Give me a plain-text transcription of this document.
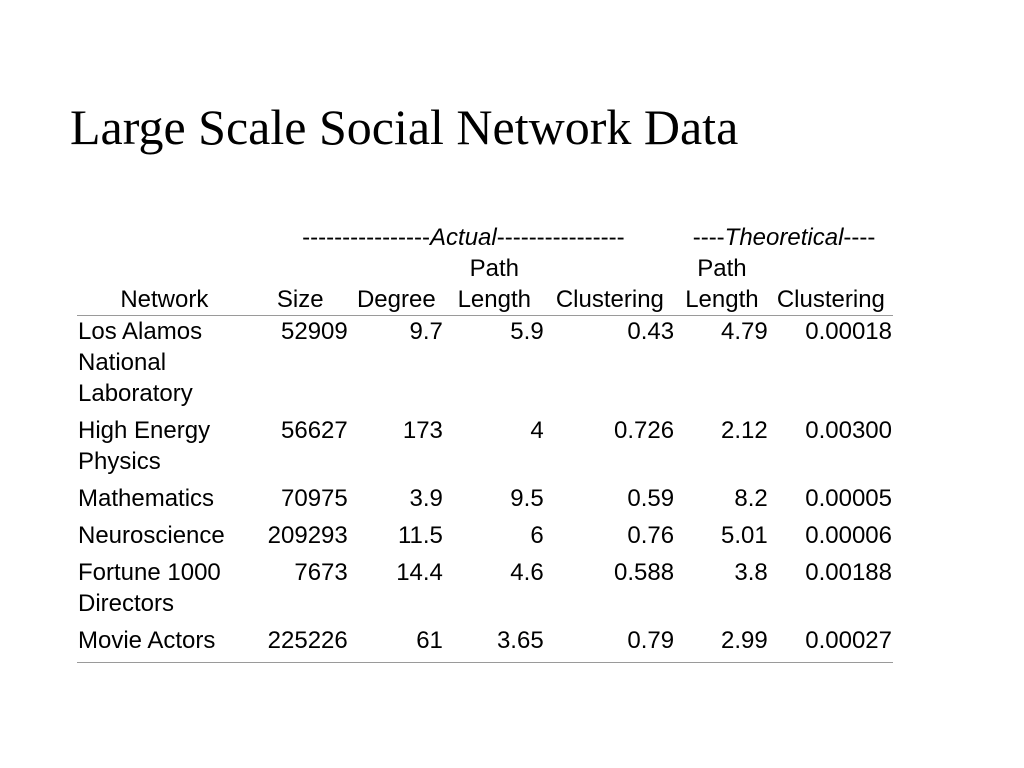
Large Scale Social Network Data
	----------------Actual----------------				----Theoretical----	
			Path		Path	
Network	Size	Degree	Length	Clustering	Length	Clustering

Los Alamos
National
Laboratory	52909	9.7	5.9	0.43	4.79	0.00018

High Energy
Physics	56627	173	4	0.726	2.12	0.00300

Mathematics	70975	3.9	9.5	0.59	8.2	0.00005

Neuroscience	209293	11.5	6	0.76	5.01	0.00006

Fortune 1000
Directors	7673	14.4	4.6	0.588	3.8	0.00188

Movie Actors	225226	61	3.65	0.79	2.99	0.00027
